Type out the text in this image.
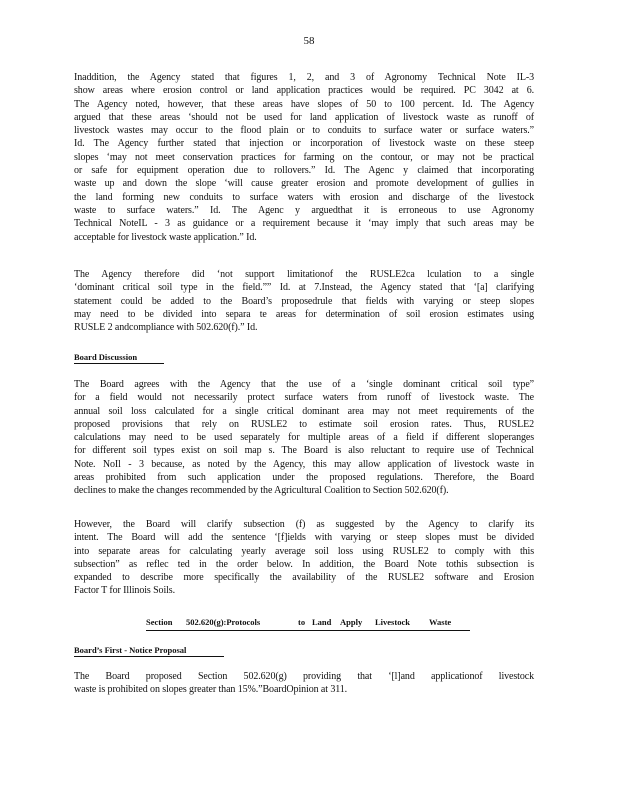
58

Inaddition, the Agency stated that figures 1, 2, and 3 of Agronomy Technical Note IL-3
show areas where erosion control or land application practices would be required. PC 3042 at 6.
The Agency noted, however, that these areas have slopes of 50 to 100 percent. Id. The Agency
argued that these areas ‘should not be used for land application of livestock waste as runoff of
livestock wastes may occur to the flood plain or to conduits to surface water or surface waters.”
Id. The Agency further stated that injection or incorporation of livestock waste on these steep
slopes ‘may not meet conservation practices for farming on the contour, or may not be practical
or safe for equipment operation due to rollovers.” Id. The Agenc y claimed that incorporating
waste up and down the slope ‘will cause greater erosion and promote development of gullies in
the land forming new conduits to surface waters with erosion and discharge of the livestock
waste to surface waters.” Id. The Agenc y arguedthat it is erroneous to use Agronomy
Technical NoteIL - 3 as guidance or a requirement because it ‘may imply that such areas may be
acceptable for livestock waste application.” Id.

The Agency therefore did ‘not support limitationof the RUSLE2ca lculation to a single
‘dominant critical soil type in the field.”” Id. at 7.Instead, the Agency stated that ‘[a] clarifying
statement could be added to the Board’s proposedrule that fields with varying or steep slopes
may need to be divided into separa te areas for determination of soil erosion estimates using
RUSLE 2 andcompliance with 502.620(f).” Id.

Board Discussion

The Board agrees with the Agency that the use of a ‘single dominant critical soil type”
for a field would not necessarily protect surface waters from runoff of livestock waste. The
annual soil loss calculated for a single critical dominant area may not meet requirements of the
proposed provisions that rely on RUSLE2 to estimate soil erosion rates. Thus, RUSLE2
calculations may need to be used separately for multiple areas of a field if different sloperanges
for different soil types exist on soil map s. The Board is also reluctant to require use of Technical
Note. NoIl - 3 because, as noted by the Agency, this may allow application of livestock waste in
areas prohibited from such application under the proposed regulations. Therefore, the Board
declines to make the changes recommended by the Agricultural Coalition to Section 502.620(f).

However, the Board will clarify subsection (f) as suggested by the Agency to clarify its
intent. The Board will add the sentence ‘[f]ields with varying or steep slopes must be divided
into separate areas for calculating yearly average soil loss using RUSLE2 to comply with this
subsection” as reflec ted in the order below. In addition, the Board Note tothis subsection is
expanded to describe more specifically the availability of the RUSLE2 software and Erosion
Factor T for Illinois Soils.

Section 502.620(g):Protocols	to Land Apply Livestock Waste
Board’s First - Notice Proposal

The Board proposed Section 502.620(g) providing that ‘[l]and applicationof livestock
waste is prohibited on slopes greater than 15%.”BoardOpinion at 311.
